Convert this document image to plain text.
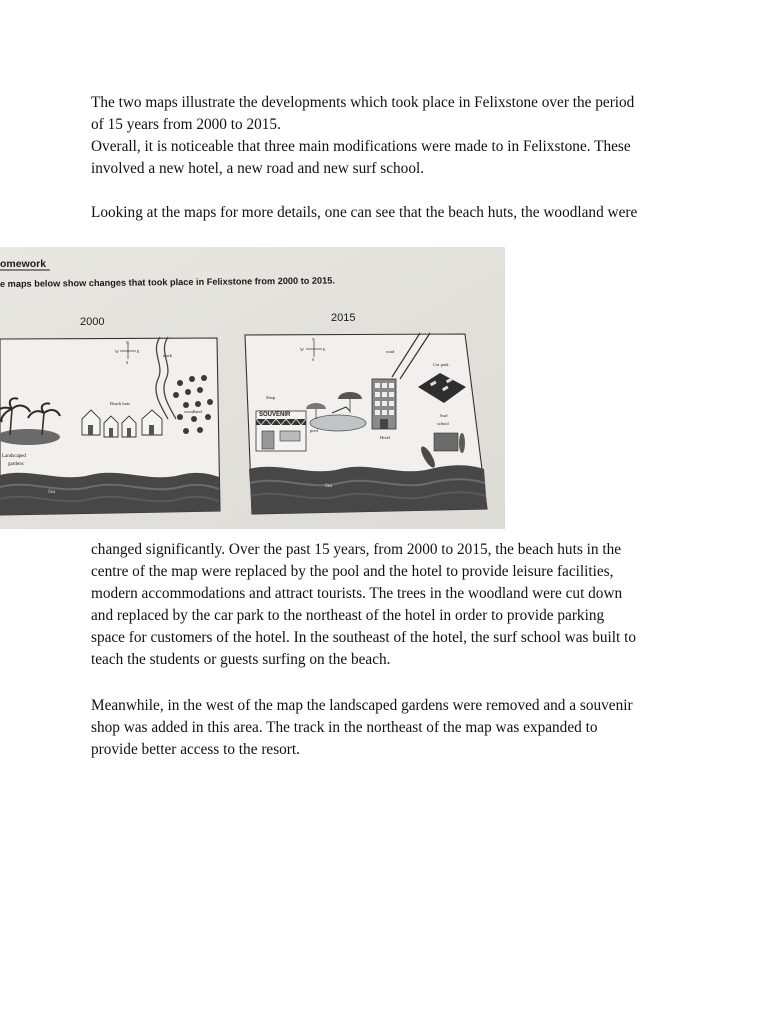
The two maps illustrate the developments which took place in Felixstone over the period
of 15 years from 2000 to 2015.
Overall, it is noticeable that three main modifications were made to in Felixstone. These
involved a new hotel, a new road and new surf school.
Looking at the maps for more details, one can see that the beach huts, the woodland were
omework
e maps below show changes that took place in Felixstone from 2000 to 2015.
2000	2015
Sea
N
W	E
S
track
woodland
Beach huts
Landscaped
gardens
Sea
N
W	E
S
road
Car park
Hotel
pool
Shop
SOUVENIR	Surf
school
changed significantly. Over the past 15 years, from 2000 to 2015, the beach huts in the
centre of the map were replaced by the pool and the hotel to provide leisure facilities,
modern accommodations and attract tourists. The trees in the woodland were cut down
and replaced by the car park to the northeast of the hotel in order to provide parking
space for customers of the hotel. In the southeast of the hotel, the surf school was built to
teach the students or guests surfing on the beach.
Meanwhile, in the west of the map the landscaped gardens were removed and a souvenir
shop was added in this area. The track in the northeast of the map was expanded to
provide better access to the resort.
